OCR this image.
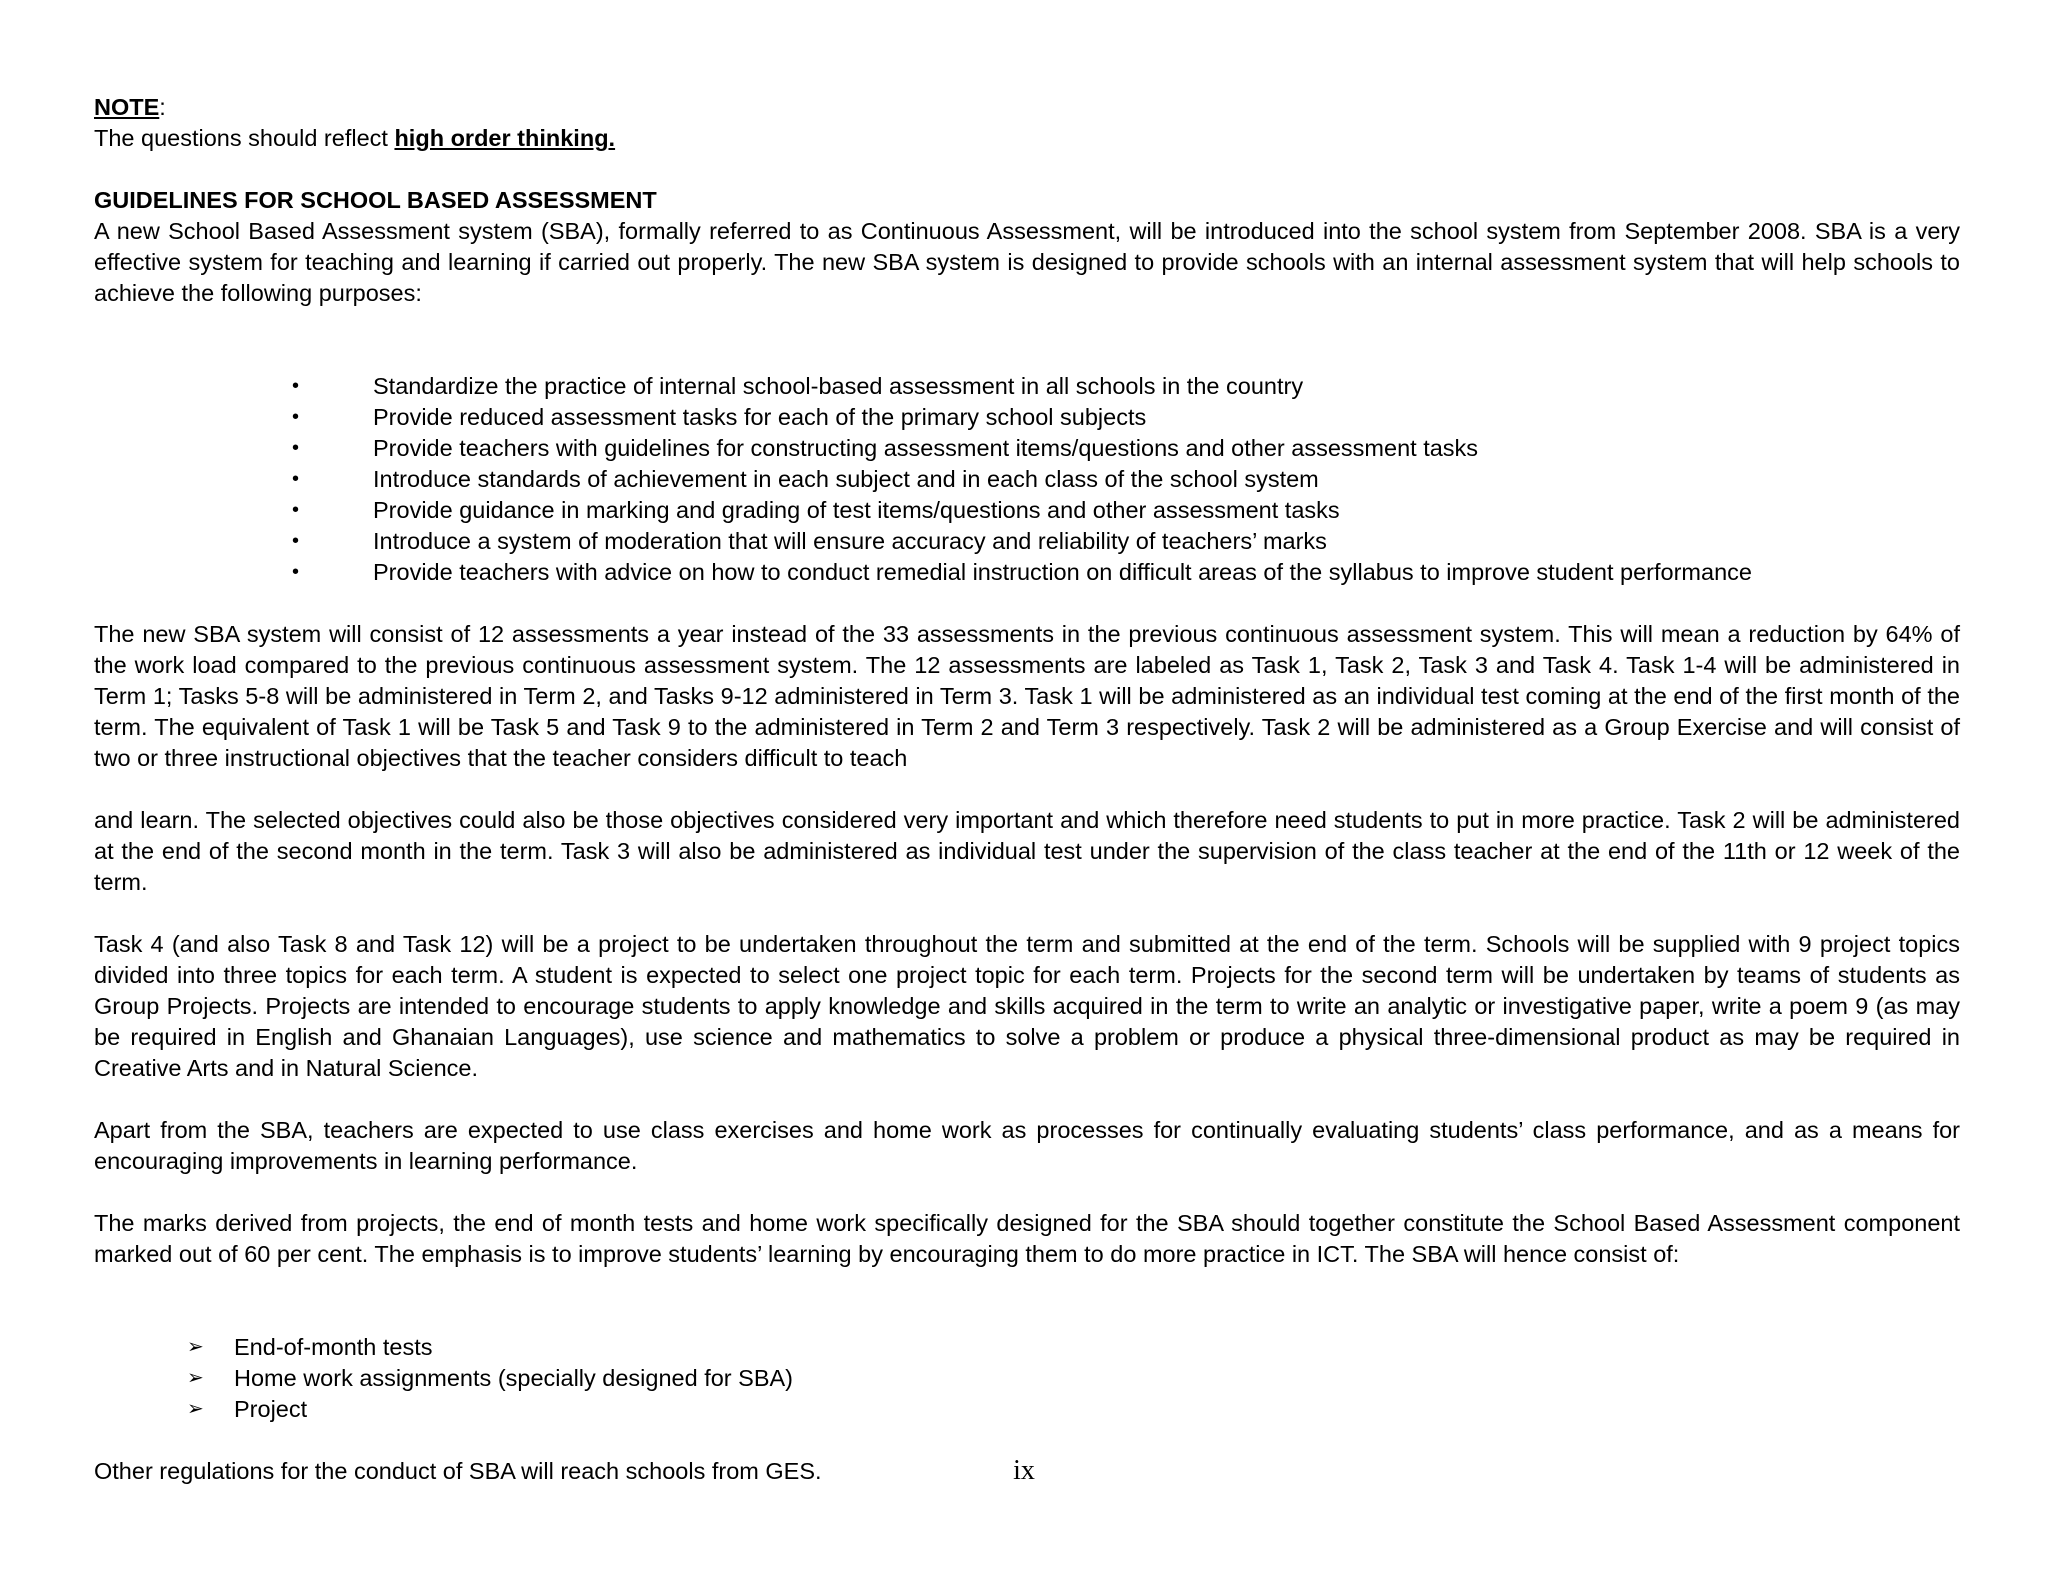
NOTE:

The questions should reflect high order thinking.

GUIDELINES FOR SCHOOL BASED ASSESSMENT

A new School Based Assessment system (SBA), formally referred to as Continuous Assessment, will be introduced into the school system from September 2008. SBA is a very effective system for teaching and learning if carried out properly. The new SBA system is designed to provide schools with an internal assessment system that will help schools to achieve the following purposes:

•	Standardize the practice of internal school-based assessment in all schools in the country
•	Provide reduced assessment tasks for each of the primary school subjects
•	Provide teachers with guidelines for constructing assessment items/questions and other assessment tasks
•	Introduce standards of achievement in each subject and in each class of the school system
•	Provide guidance in marking and grading of test items/questions and other assessment tasks
•	Introduce a system of moderation that will ensure accuracy and reliability of teachers’ marks
•	Provide teachers with advice on how to conduct remedial instruction on difficult areas of the syllabus to improve student performance

The new SBA system will consist of 12 assessments a year instead of the 33 assessments in the previous continuous assessment system. This will mean a reduction by 64% of the work load compared to the previous continuous assessment system. The 12 assessments are labeled as Task 1, Task 2, Task 3 and Task 4. Task 1-4 will be administered in Term 1; Tasks 5-8 will be administered in Term 2, and Tasks 9-12 administered in Term 3. Task 1 will be administered as an individual test coming at the end of the first month of the term. The equivalent of Task 1 will be Task 5 and Task 9 to the administered in Term 2 and Term 3 respectively. Task 2 will be administered as a Group Exercise and will consist of two or three instructional objectives that the teacher considers difficult to teach

and learn. The selected objectives could also be those objectives considered very important and which therefore need students to put in more practice. Task 2 will be administered at the end of the second month in the term. Task 3 will also be administered as individual test under the supervision of the class teacher at the end of the 11th or 12 week of the term.

Task 4 (and also Task 8 and Task 12) will be a project to be undertaken throughout the term and submitted at the end of the term. Schools will be supplied with 9 project topics divided into three topics for each term. A student is expected to select one project topic for each term. Projects for the second term will be undertaken by teams of students as Group Projects. Projects are intended to encourage students to apply knowledge and skills acquired in the term to write an analytic or investigative paper, write a poem 9 (as may be required in English and Ghanaian Languages), use science and mathematics to solve a problem or produce a physical three-dimensional product as may be required in Creative Arts and in Natural Science.

Apart from the SBA, teachers are expected to use class exercises and home work as processes for continually evaluating students’ class performance, and as a means for encouraging improvements in learning performance.

The marks derived from projects, the end of month tests and home work specifically designed for the SBA should together constitute the School Based Assessment component marked out of 60 per cent. The emphasis is to improve students’ learning by encouraging them to do more practice in ICT. The SBA will hence consist of:

➢ End-of-month tests
➢ Home work assignments (specially designed for SBA)
➢ Project

Other regulations for the conduct of SBA will reach schools from GES.	ix
